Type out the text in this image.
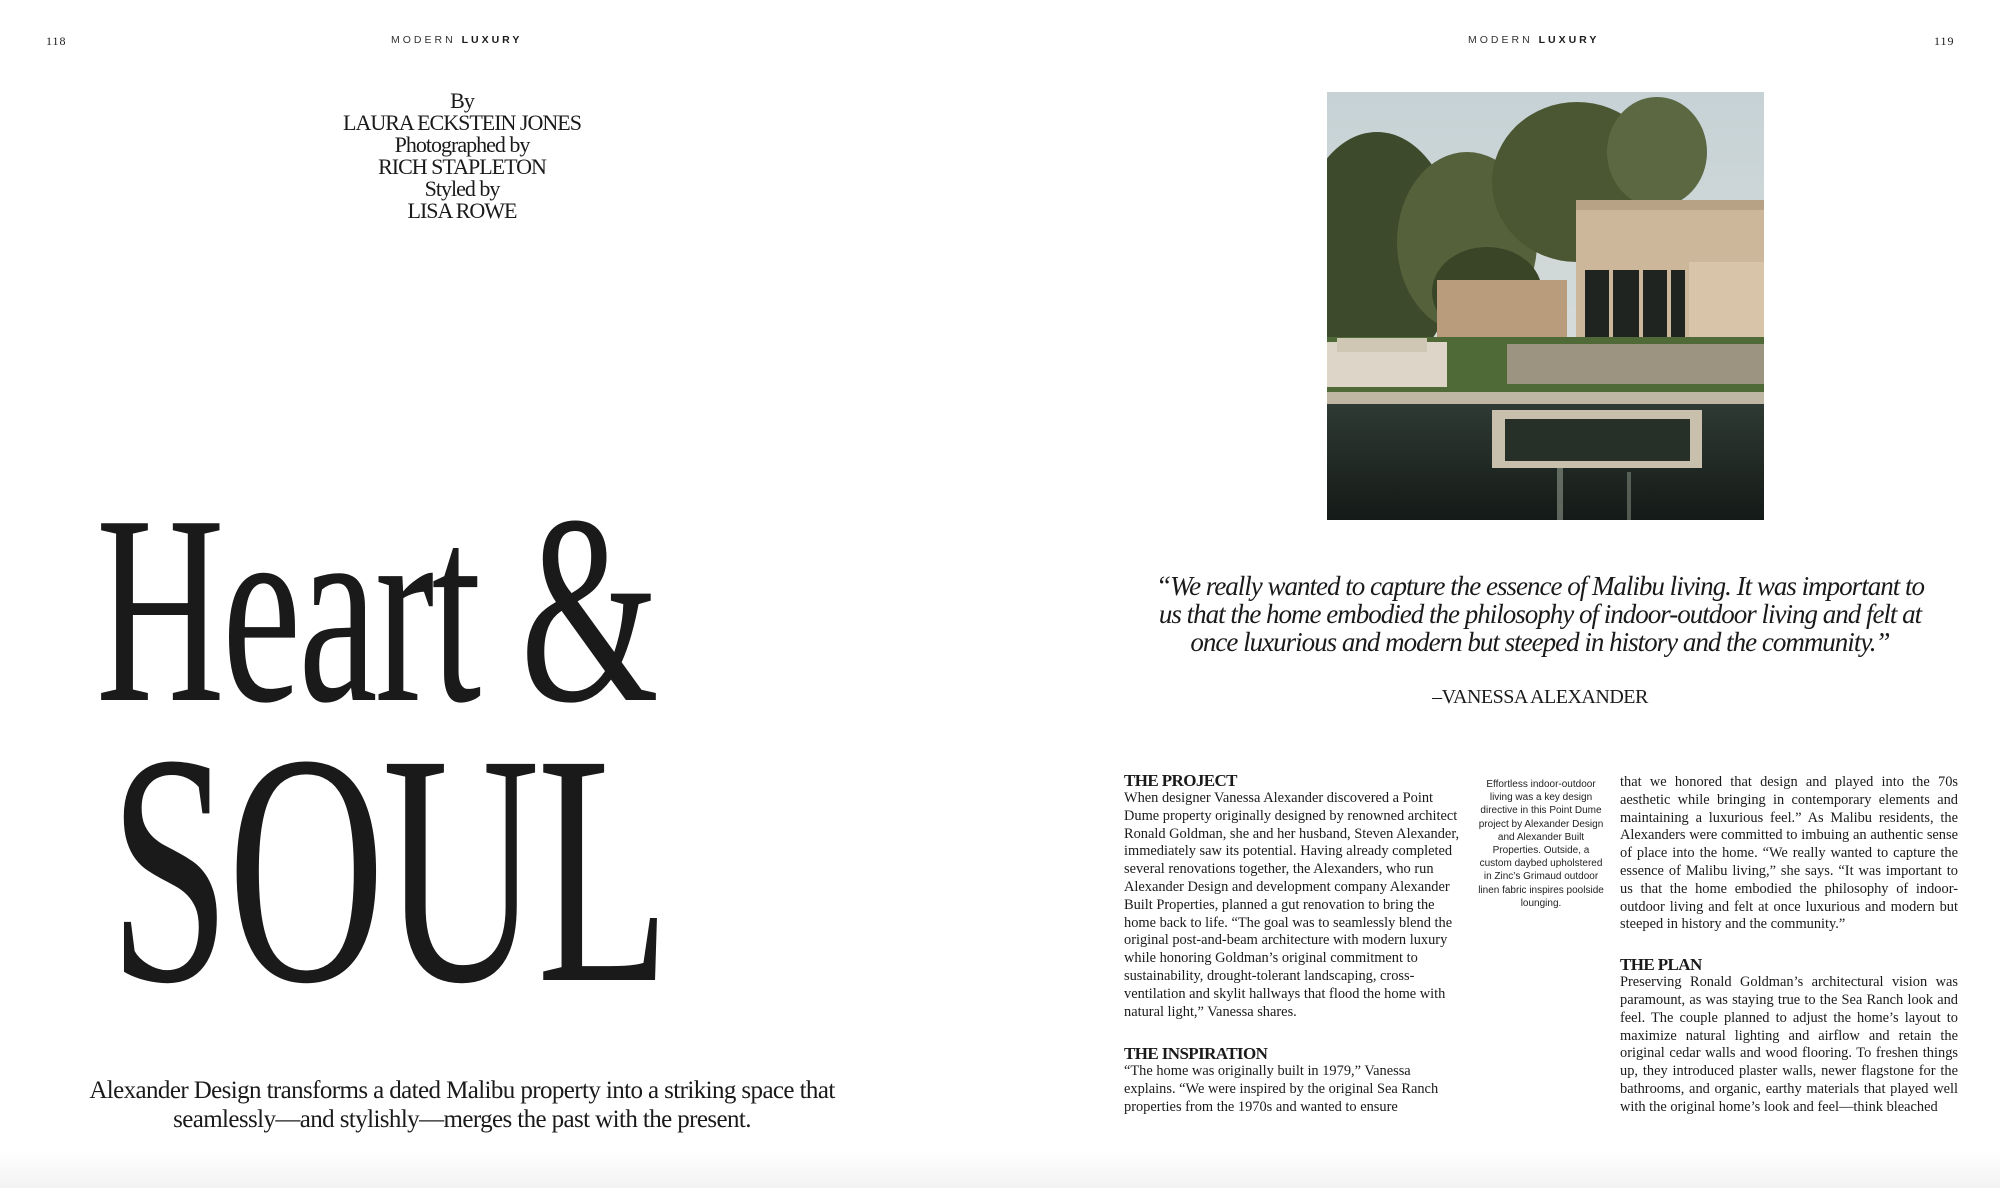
118	MODERN LUXURY
By
LAURA ECKSTEIN JONES
Photographed by
RICH STAPLETON
Styled by
LISA ROWE
Heart &
SOUL
Alexander Design transforms a dated Malibu property into a striking space that seamlessly—and stylishly—merges the past with the present.
MODERN LUXURY	119
“We really wanted to capture the essence of Malibu living. It was important to us that the home embodied the philosophy of indoor-outdoor living and felt at once luxurious and modern but steeped in history and the community.”
–VANESSA ALEXANDER
THE PROJECT

When designer Vanessa Alexander discovered a Point Dume property originally designed by renowned architect Ronald Goldman, she and her husband, Steven Alexander, immediately saw its potential. Having already completed several renovations together, the Alexanders, who run Alexander Design and development company Alexander Built Properties, planned a gut renovation to bring the home back to life. “The goal was to seamlessly blend the original post-and-beam architecture with modern luxury while honoring Goldman’s original commitment to sustainability, drought-tolerant landscaping, cross-ventilation and skylit hallways that flood the home with natural light,” Vanessa shares.

THE INSPIRATION

“The home was originally built in 1979,” Vanessa explains. “We were inspired by the original Sea Ranch properties from the 1970s and wanted to ensure

Effortless indoor-outdoor living was a key design directive in this Point Dume project by Alexander Design and Alexander Built Properties. Outside, a custom daybed upholstered in Zinc’s Grimaud outdoor linen fabric inspires poolside lounging.

that we honored that design and played into the 70s aesthetic while bringing in contemporary elements and maintaining a luxurious feel.” As Malibu residents, the Alexanders were committed to imbuing an authentic sense of place into the home. “We really wanted to capture the essence of Malibu living,” she says. “It was important to us that the home embodied the philosophy of indoor-outdoor living and felt at once luxurious and modern but steeped in history and the community.”

THE PLAN

Preserving Ronald Goldman’s architectural vision was paramount, as was staying true to the Sea Ranch look and feel. The couple planned to adjust the home’s layout to maximize natural lighting and airflow and retain the original cedar walls and wood flooring. To freshen things up, they introduced plaster walls, newer flagstone for the bathrooms, and organic, earthy materials that played well with the original home’s look and feel—think bleached
